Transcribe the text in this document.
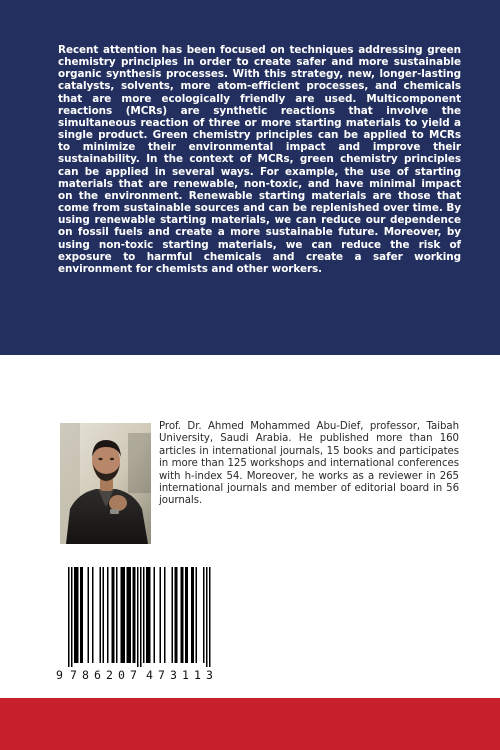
Recent attention has been focused on techniques addressing green chemistry principles in order to create safer and more sustainable organic synthesis processes. With this strategy, new, longer-lasting catalysts, solvents, more atom-efficient processes, and chemicals that are more ecologically friendly are used. Multicomponent reactions (MCRs) are synthetic reactions that involve the simultaneous reaction of three or more starting materials to yield a single product. Green chemistry principles can be applied to MCRs to minimize their environmental impact and improve their sustainability. In the context of MCRs, green chemistry principles can be applied in several ways. For example, the use of starting materials that are renewable, non-toxic, and have minimal impact on the environment. Renewable starting materials are those that come from sustainable sources and can be replenished over time. By using renewable starting materials, we can reduce our dependence on fossil fuels and create a more sustainable future. Moreover, by using non-toxic starting materials, we can reduce the risk of exposure to harmful chemicals and create a safer working environment for chemists and other workers.

Prof. Dr. Ahmed Mohammed Abu-Dief, professor, Taibah University, Saudi Arabia. He published more than 160 articles in international journals, 15 books and participates in more than 125 workshops and international conferences with h-index 54. Moreover, he works as a reviewer in 265 international journals and member of editorial board in 56 journals.

9 7 8 6 2 0 7 4 7 3 1 1 3
